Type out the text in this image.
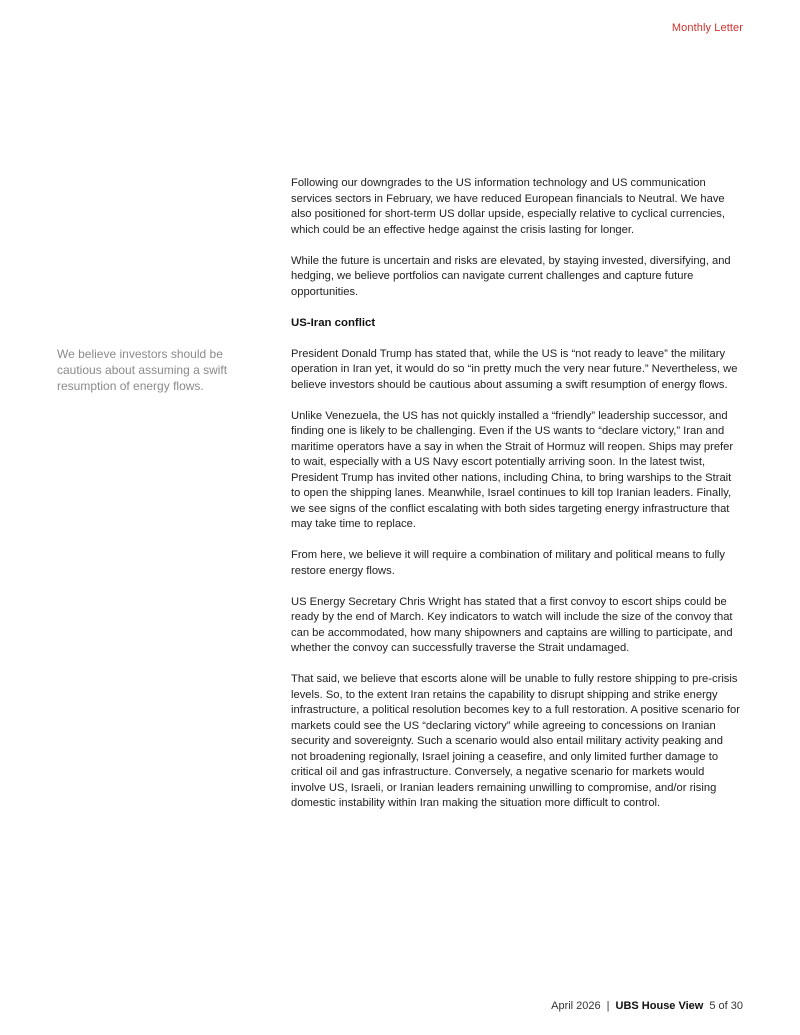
Monthly Letter
We believe investors should be cautious about assuming a swift resumption of energy flows.

Following our downgrades to the US information technology and US communication services sectors in February, we have reduced European financials to Neutral. We have also positioned for short-term US dollar upside, especially relative to cyclical currencies, which could be an effective hedge against the crisis lasting for longer.

While the future is uncertain and risks are elevated, by staying invested, diversifying, and hedging, we believe portfolios can navigate current challenges and capture future opportunities.

US-Iran conflict

President Donald Trump has stated that, while the US is “not ready to leave” the military operation in Iran yet, it would do so “in pretty much the very near future.” Nevertheless, we believe investors should be cautious about assuming a swift resumption of energy flows.

Unlike Venezuela, the US has not quickly installed a “friendly” leadership successor, and finding one is likely to be challenging. Even if the US wants to “declare victory,” Iran and maritime operators have a say in when the Strait of Hormuz will reopen. Ships may prefer to wait, especially with a US Navy escort potentially arriving soon. In the latest twist, President Trump has invited other nations, including China, to bring warships to the Strait to open the shipping lanes. Meanwhile, Israel continues to kill top Iranian leaders. Finally, we see signs of the conflict escalating with both sides targeting energy infrastructure that may take time to replace.

From here, we believe it will require a combination of military and political means to fully restore energy flows.

US Energy Secretary Chris Wright has stated that a first convoy to escort ships could be ready by the end of March. Key indicators to watch will include the size of the convoy that can be accommodated, how many shipowners and captains are willing to participate, and whether the convoy can successfully traverse the Strait undamaged.

That said, we believe that escorts alone will be unable to fully restore shipping to pre-crisis levels. So, to the extent Iran retains the capability to disrupt shipping and strike energy infrastructure, a political resolution becomes key to a full restoration. A positive scenario for markets could see the US “declaring victory” while agreeing to concessions on Iranian security and sovereignty. Such a scenario would also entail military activity peaking and not broadening regionally, Israel joining a ceasefire, and only limited further damage to critical oil and gas infrastructure. Conversely, a negative scenario for markets would involve US, Israeli, or Iranian leaders remaining unwilling to compromise, and/or rising domestic instability within Iran making the situation more difficult to control.

April 2026 | UBS House View 5 of 30
